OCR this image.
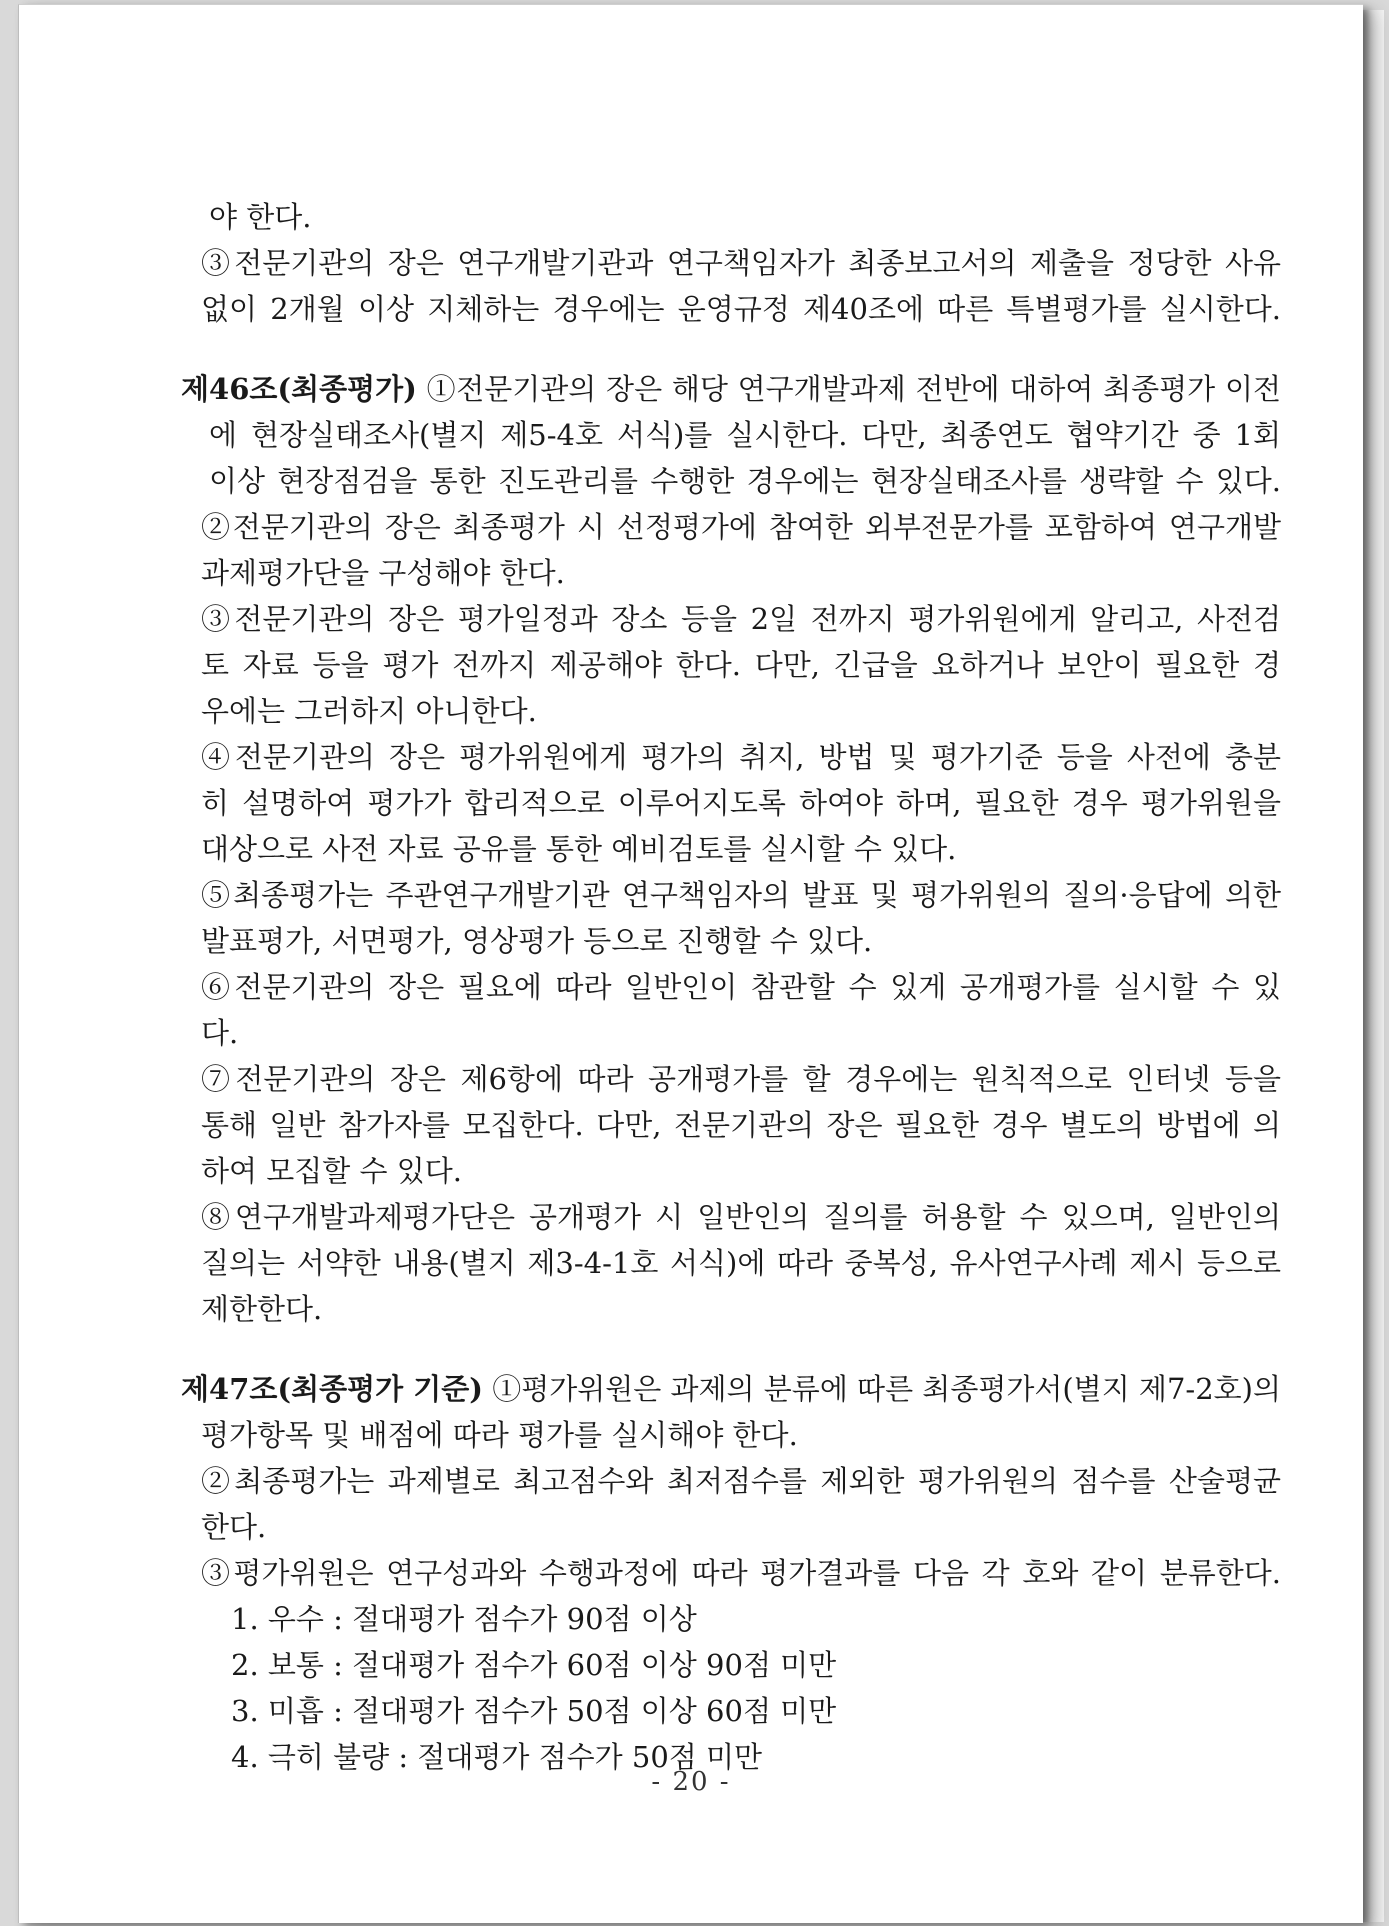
야 한다.
③전문기관의 장은 연구개발기관과 연구책임자가 최종보고서의 제출을 정당한 사유
없이 2개월 이상 지체하는 경우에는 운영규정 제40조에 따른 특별평가를 실시한다.
제46조(최종평가) ①전문기관의 장은 해당 연구개발과제 전반에 대하여 최종평가 이전
에 현장실태조사(별지 제5-4호 서식)를 실시한다. 다만, 최종연도 협약기간 중 1회
이상 현장점검을 통한 진도관리를 수행한 경우에는 현장실태조사를 생략할 수 있다.
②전문기관의 장은 최종평가 시 선정평가에 참여한 외부전문가를 포함하여 연구개발
과제평가단을 구성해야 한다.
③전문기관의 장은 평가일정과 장소 등을 2일 전까지 평가위원에게 알리고, 사전검
토 자료 등을 평가 전까지 제공해야 한다. 다만, 긴급을 요하거나 보안이 필요한 경
우에는 그러하지 아니한다.
④전문기관의 장은 평가위원에게 평가의 취지, 방법 및 평가기준 등을 사전에 충분
히 설명하여 평가가 합리적으로 이루어지도록 하여야 하며, 필요한 경우 평가위원을
대상으로 사전 자료 공유를 통한 예비검토를 실시할 수 있다.
⑤최종평가는 주관연구개발기관 연구책임자의 발표 및 평가위원의 질의·응답에 의한
발표평가, 서면평가, 영상평가 등으로 진행할 수 있다.
⑥전문기관의 장은 필요에 따라 일반인이 참관할 수 있게 공개평가를 실시할 수 있
다.
⑦전문기관의 장은 제6항에 따라 공개평가를 할 경우에는 원칙적으로 인터넷 등을
통해 일반 참가자를 모집한다. 다만, 전문기관의 장은 필요한 경우 별도의 방법에 의
하여 모집할 수 있다.
⑧연구개발과제평가단은 공개평가 시 일반인의 질의를 허용할 수 있으며, 일반인의
질의는 서약한 내용(별지 제3-4-1호 서식)에 따라 중복성, 유사연구사례 제시 등으로
제한한다.
제47조(최종평가 기준) ①평가위원은 과제의 분류에 따른 최종평가서(별지 제7-2호)의
평가항목 및 배점에 따라 평가를 실시해야 한다.
②최종평가는 과제별로 최고점수와 최저점수를 제외한 평가위원의 점수를 산술평균
한다.
③평가위원은 연구성과와 수행과정에 따라 평가결과를 다음 각 호와 같이 분류한다.
1. 우수 : 절대평가 점수가 90점 이상
2. 보통 : 절대평가 점수가 60점 이상 90점 미만
3. 미흡 : 절대평가 점수가 50점 이상 60점 미만
4. 극히 불량 : 절대평가 점수가 50점 미만
- 20 -
